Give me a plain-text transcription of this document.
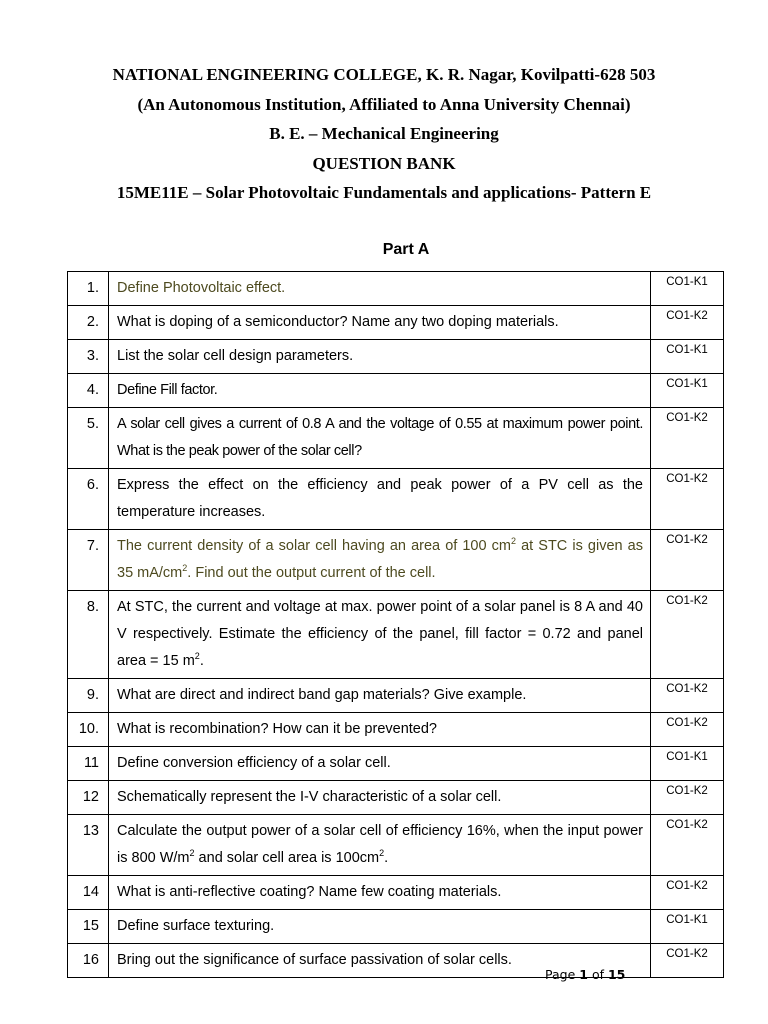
NATIONAL ENGINEERING COLLEGE, K. R. Nagar, Kovilpatti-628 503
(An Autonomous Institution, Affiliated to Anna University Chennai)
B. E. – Mechanical Engineering
QUESTION BANK
15ME11E – Solar Photovoltaic Fundamentals and applications- Pattern E
Part A
1.	Define Photovoltaic effect.	CO1-K1
2.	What is doping of a semiconductor? Name any two doping materials.	CO1-K2
3.	List the solar cell design parameters.	CO1-K1
4.	Define Fill factor.	CO1-K1
5.	A solar cell gives a current of 0.8 A and the voltage of 0.55 at maximum power point. What is the peak power of the solar cell?	CO1-K2
6.	Express the effect on the efficiency and peak power of a PV cell as the temperature increases.	CO1-K2
7.	The current density of a solar cell having an area of 100 $cm^2$ at STC is given as 35 $mA/cm^2$. Find out the output current of the cell.	CO1-K2
8.	At STC, the current and voltage at max. power point of a solar panel is 8 A and 40 V respectively. Estimate the efficiency of the panel, fill factor = 0.72 and panel area = 15 $m^2$.	CO1-K2
9.	What are direct and indirect band gap materials? Give example.	CO1-K2
10.	What is recombination? How can it be prevented?	CO1-K2
11	Define conversion efficiency of a solar cell.	CO1-K1
12	Schematically represent the I-V characteristic of a solar cell.	CO1-K2
13	Calculate the output power of a solar cell of efficiency 16%, when the input power is 800 $W/m^2$ and solar cell area is $100cm^2$.	CO1-K2
14	What is anti-reflective coating? Name few coating materials.	CO1-K2
15	Define surface texturing.	CO1-K1
16	Bring out the significance of surface passivation of solar cells.	CO1-K2
Page 1 of 15
